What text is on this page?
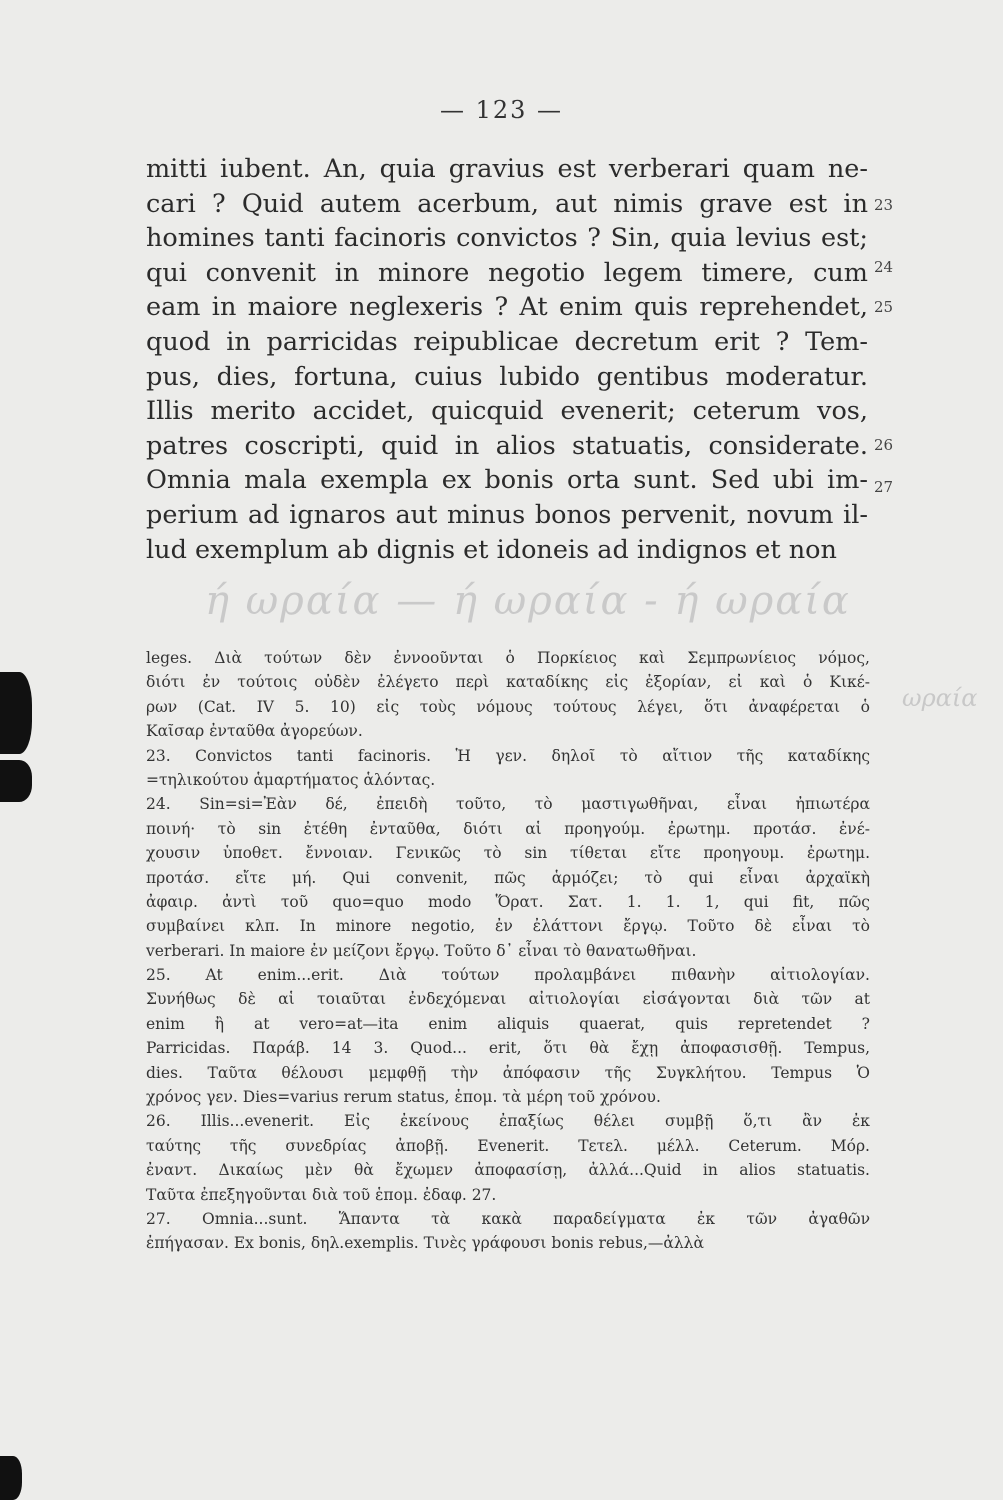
— 123 —
mitti iubent. An, quia gravius est verberari quam ne-
cari ? Quid autem acerbum, aut nimis grave est in
homines tanti facinoris convictos ? Sin, quia levius est;
qui convenit in minore negotio legem timere, cum
eam in maiore neglexeris ? At enim quis reprehendet,
quod in parricidas reipublicae decretum erit ? Tem-
pus, dies, fortuna, cuius lubido gentibus moderatur.
Illis merito accidet, quicquid evenerit; ceterum vos,
patres coscripti, quid in alios statuatis, considerate.
Omnia mala exempla ex bonis orta sunt. Sed ubi im-
perium ad ignaros aut minus bonos pervenit, novum il-
lud exemplum ab dignis et idoneis ad indignos et non
23
24
25
26
27
ή ωραία — ή ωραία - ή ωραία
ωραία
leges. Διὰ τούτων δὲν ἐννοοῦνται ὁ Πορκίειος καὶ Σεμπρωνίειος νόμος,
διότι ἐν τούτοις οὐδὲν ἐλέγετο περὶ καταδίκης εἰς ἐξορίαν, εἰ καὶ ὁ Κικέ-
ρων (Cat. IV 5. 10) εἰς τοὺς νόμους τούτους λέγει, ὅτι ἀναφέρεται ὁ
Καῖσαρ ἐνταῦθα ἀγορεύων.
23. Convictos tanti facinoris. Ἡ γεν. δηλοῖ τὸ αἴτιον τῆς καταδίκης
=τηλικούτου ἁμαρτήματος ἁλόντας.
24. Sin=si=Ἐὰν δέ, ἐπειδὴ τοῦτο, τὸ μαστιγωθῆναι, εἶναι ἠπιωτέρα
ποινή· τὸ sin ἐτέθη ἐνταῦθα, διότι αἱ προηγούμ. ἐρωτημ. προτάσ. ἐνέ-
χουσιν ὑποθετ. ἔννοιαν. Γενικῶς τὸ sin τίθεται εἴτε προηγουμ. ἐρωτημ.
προτάσ. εἴτε μή. Qui convenit, πῶς ἁρμόζει; τὸ qui εἶναι ἀρχαϊκὴ
ἀφαιρ. ἀντὶ τοῦ quo=quo modo Ὅρατ. Σατ. 1. 1. 1, qui fit, πῶς
συμβαίνει κλπ. In minore negotio, ἐν ἐλάττονι ἔργῳ. Τοῦτο δὲ εἶναι τὸ
verberari. In maiore ἐν μείζονι ἔργῳ. Τοῦτο δ᾽ εἶναι τὸ θανατωθῆναι.
25. At enim...erit. Διὰ τούτων προλαμβάνει πιθανὴν αἰτιολογίαν.
Συνήθως δὲ αἱ τοιαῦται ἐνδεχόμεναι αἰτιολογίαι εἰσάγονται διὰ τῶν at
enim ἢ at vero=at—ita enim aliquis quaerat, quis repretendet ?
Parricidas. Παράβ. 14 3. Quod... erit, ὅτι θὰ ἔχῃ ἀποφασισθῇ. Tempus,
dies. Ταῦτα θέλουσι μεμφθῇ τὴν ἀπόφασιν τῆς Συγκλήτου. Tempus Ὁ
χρόνος γεν. Dies=varius rerum status, ἑπομ. τὰ μέρη τοῦ χρόνου.
26. Illis...evenerit. Εἰς ἐκείνους ἐπαξίως θέλει συμβῇ ὅ,τι ἂν ἐκ
ταύτης τῆς συνεδρίας ἀποβῇ. Evenerit. Τετελ. μέλλ. Ceterum. Μόρ.
ἐναντ. Δικαίως μὲν θὰ ἔχωμεν ἀποφασίσῃ, ἀλλά...Quid in alios statuatis.
Ταῦτα ἐπεξηγοῦνται διὰ τοῦ ἑπομ. ἐδαφ. 27.
27. Omnia...sunt. Ἅπαντα τὰ κακὰ παραδείγματα ἐκ τῶν ἀγαθῶν
ἐπήγασαν. Ex bonis, δηλ.exemplis. Τινὲς γράφουσι bonis rebus,—ἀλλὰ
